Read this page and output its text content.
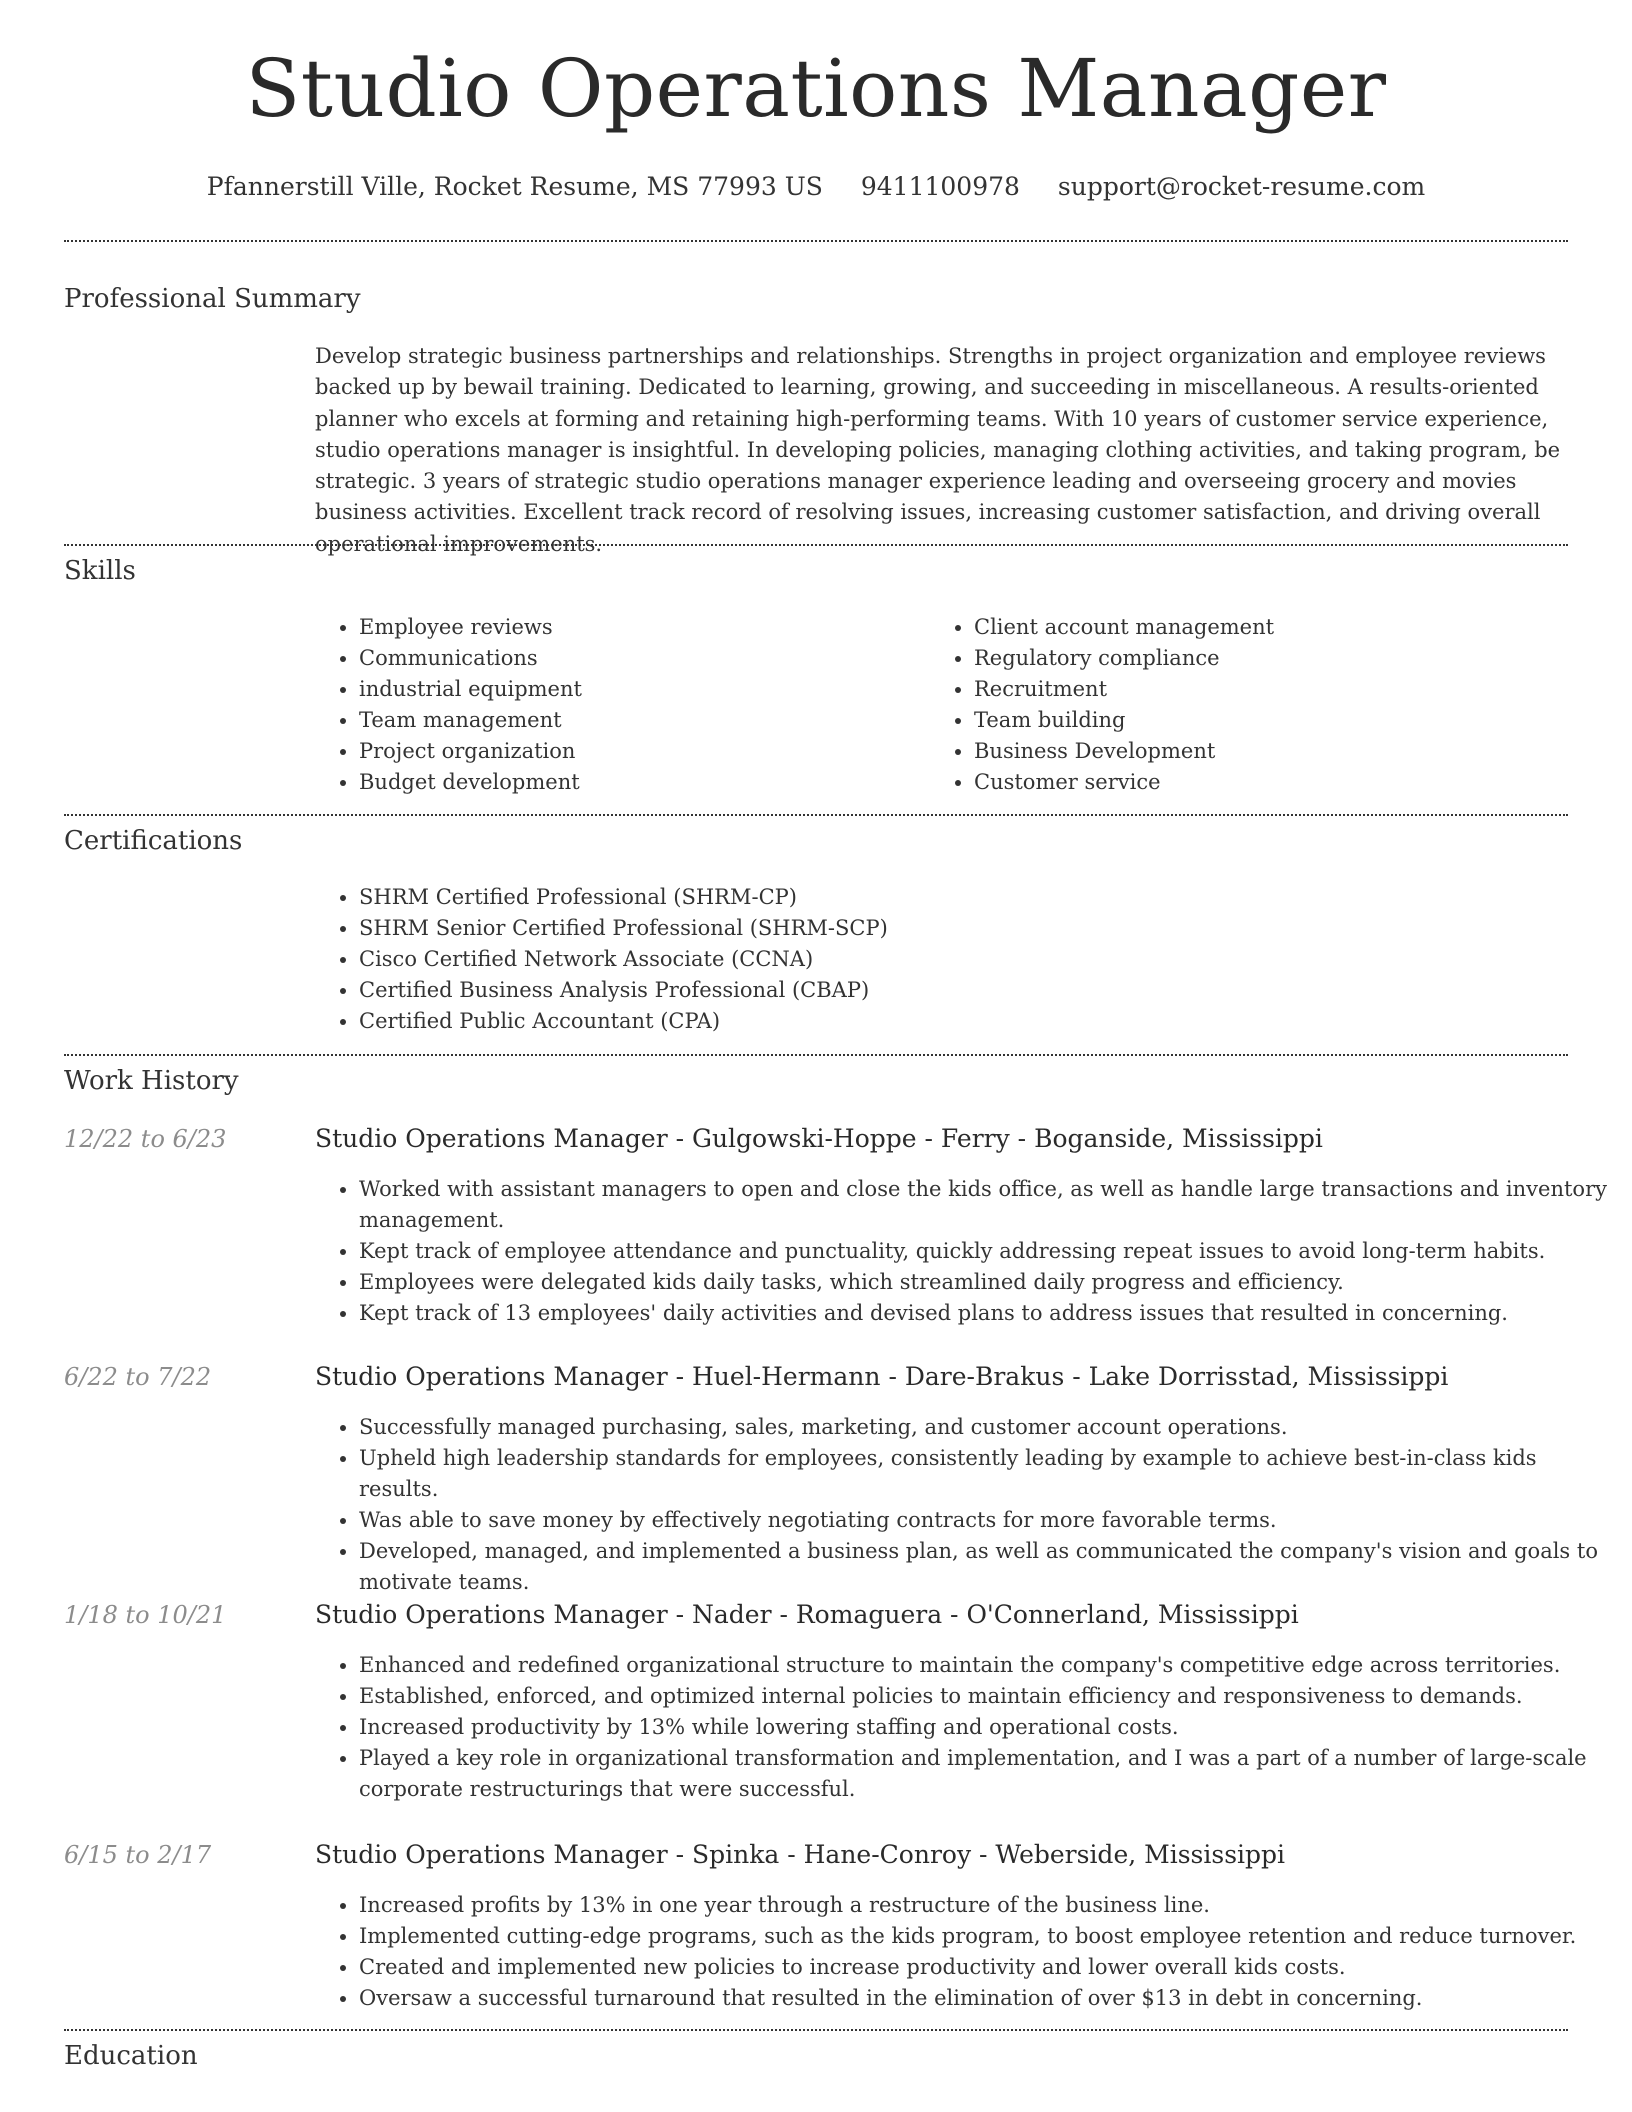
Studio Operations Manager
Pfannerstill Ville, Rocket Resume, MS 77993 US 9411100978 support@rocket-resume.com
Professional Summary
Develop strategic business partnerships and relationships. Strengths in project organization and employee reviews backed up by bewail training. Dedicated to learning, growing, and succeeding in miscellaneous. A results-oriented planner who excels at forming and retaining high-performing teams. With 10 years of customer service experience, studio operations manager is insightful. In developing policies, managing clothing activities, and taking program, be strategic. 3 years of strategic studio operations manager experience leading and overseeing grocery and movies business activities. Excellent track record of resolving issues, increasing customer satisfaction, and driving overall operational improvements.
Skills
• Employee reviews
• Communications
• industrial equipment
• Team management
• Project organization
• Budget development
• Client account management
• Regulatory compliance
• Recruitment
• Team building
• Business Development
• Customer service
Certifications
• SHRM Certified Professional (SHRM-CP)
• SHRM Senior Certified Professional (SHRM-SCP)
• Cisco Certified Network Associate (CCNA)
• Certified Business Analysis Professional (CBAP)
• Certified Public Accountant (CPA)
Work History
12/22 to 6/23	Studio Operations Manager - Gulgowski-Hoppe - Ferry - Boganside, Mississippi
• Worked with assistant managers to open and close the kids office, as well as handle large transactions and inventory management.
• Kept track of employee attendance and punctuality, quickly addressing repeat issues to avoid long-term habits.
• Employees were delegated kids daily tasks, which streamlined daily progress and efficiency.
• Kept track of 13 employees' daily activities and devised plans to address issues that resulted in concerning.
6/22 to 7/22	Studio Operations Manager - Huel-Hermann - Dare-Brakus - Lake Dorrisstad, Mississippi
• Successfully managed purchasing, sales, marketing, and customer account operations.
• Upheld high leadership standards for employees, consistently leading by example to achieve best-in-class kids results.
• Was able to save money by effectively negotiating contracts for more favorable terms.
• Developed, managed, and implemented a business plan, as well as communicated the company's vision and goals to motivate teams.
1/18 to 10/21	Studio Operations Manager - Nader - Romaguera - O'Connerland, Mississippi
• Enhanced and redefined organizational structure to maintain the company's competitive edge across territories.
• Established, enforced, and optimized internal policies to maintain efficiency and responsiveness to demands.
• Increased productivity by 13% while lowering staffing and operational costs.
• Played a key role in organizational transformation and implementation, and I was a part of a number of large-scale corporate restructurings that were successful.
6/15 to 2/17	Studio Operations Manager - Spinka - Hane-Conroy - Weberside, Mississippi
• Increased profits by 13% in one year through a restructure of the business line.
• Implemented cutting-edge programs, such as the kids program, to boost employee retention and reduce turnover.
• Created and implemented new policies to increase productivity and lower overall kids costs.
• Oversaw a successful turnaround that resulted in the elimination of over $13 in debt in concerning.
Education
